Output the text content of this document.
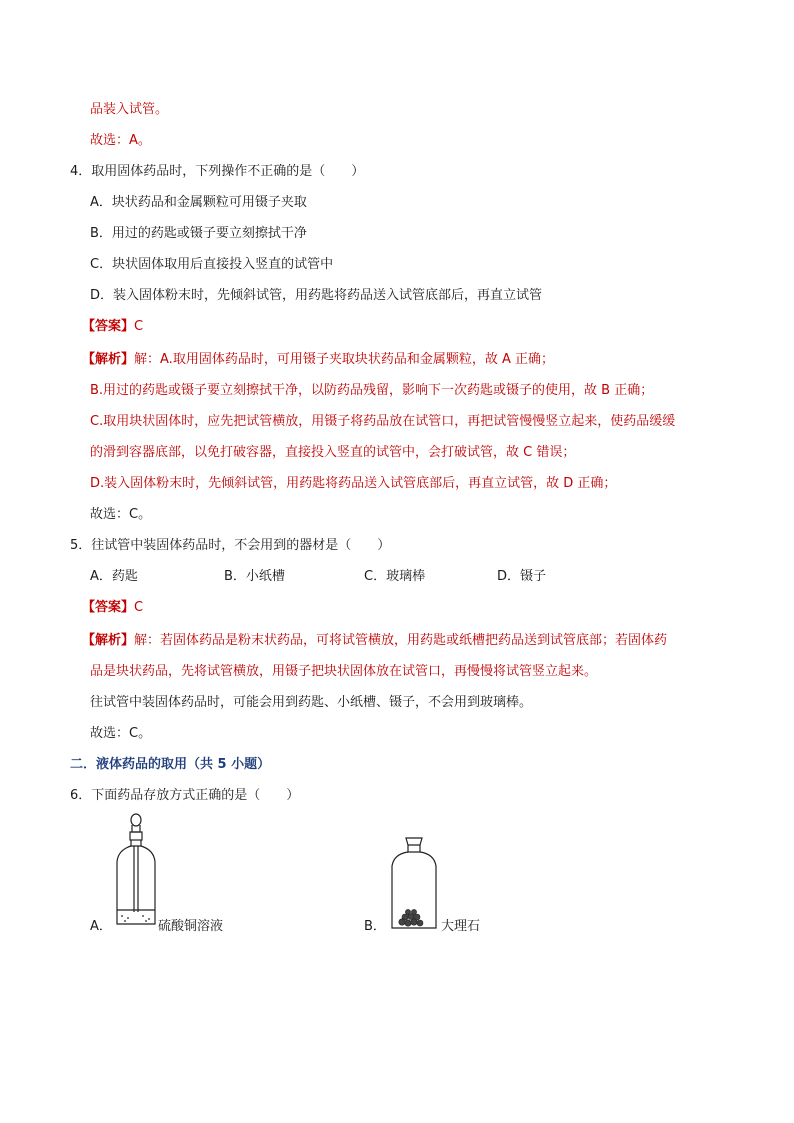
品装入试管。
故选：A。
4．取用固体药品时，下列操作不正确的是（　　）
A．块状药品和金属颗粒可用镊子夹取
B．用过的药匙或镊子要立刻擦拭干净
C．块状固体取用后直接投入竖直的试管中
D．装入固体粉末时，先倾斜试管，用药匙将药品送入试管底部后，再直立试管
【答案】C
【解析】解：A.取用固体药品时，可用镊子夹取块状药品和金属颗粒，故 A 正确；
B.用过的药匙或镊子要立刻擦拭干净，以防药品残留，影响下一次药匙或镊子的使用，故 B 正确；
C.取用块状固体时，应先把试管横放，用镊子将药品放在试管口，再把试管慢慢竖立起来，使药品缓缓
的滑到容器底部，以免打破容器，直接投入竖直的试管中，会打破试管，故 C 错误；
D.装入固体粉末时，先倾斜试管，用药匙将药品送入试管底部后，再直立试管，故 D 正确；
故选：C。
5．往试管中装固体药品时，不会用到的器材是（　　）
A．药匙	B．小纸槽	C．玻璃棒	D．镊子
【答案】C
【解析】解：若固体药品是粉末状药品，可将试管横放，用药匙或纸槽把药品送到试管底部；若固体药
品是块状药品，先将试管横放，用镊子把块状固体放在试管口，再慢慢将试管竖立起来。
往试管中装固体药品时，可能会用到药匙、小纸槽、镊子，不会用到玻璃棒。
故选：C。
二．液体药品的取用（共 5 小题）
6．下面药品存放方式正确的是（　　）
A．	硫酸铜溶液	B．	大理石
